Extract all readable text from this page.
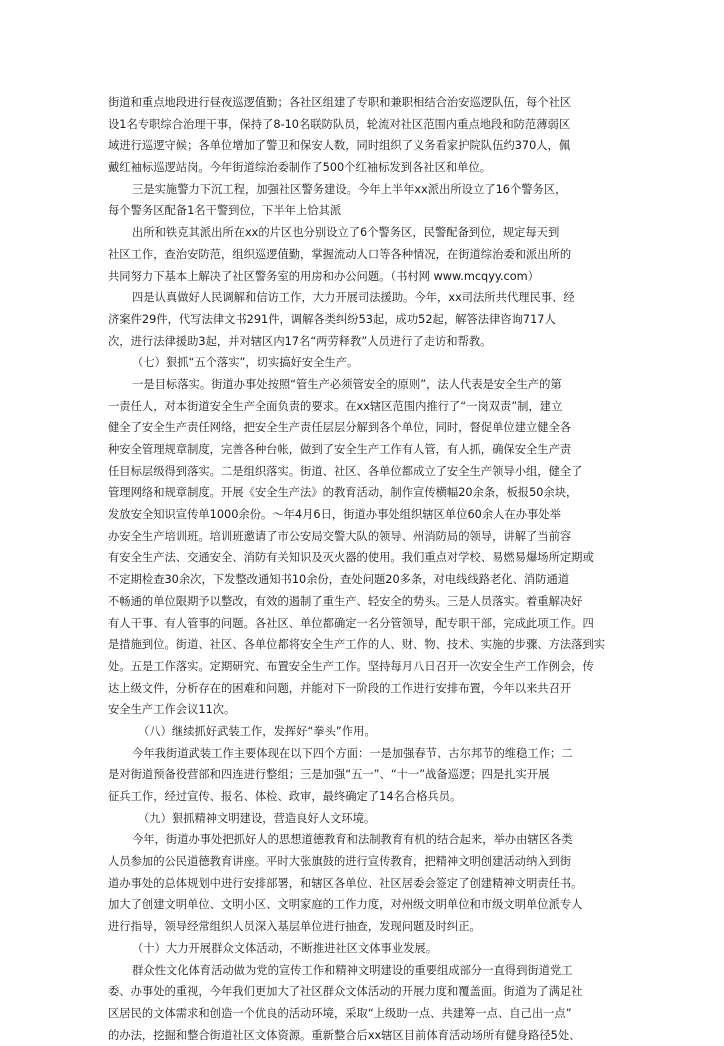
街道和重点地段进行昼夜巡逻值勤；各社区组建了专职和兼职相结合治安巡逻队伍，每个社区
设1名专职综合治理干事，保持了8-10名联防队员，轮流对社区范围内重点地段和防范薄弱区
域进行巡逻守候；各单位增加了警卫和保安人数，同时组织了义务看家护院队伍约370人，佩
戴红袖标巡逻站岗。今年街道综治委制作了500个红袖标发到各社区和单位。
三是实施警力下沉工程，加强社区警务建设。今年上半年xx派出所设立了16个警务区，
每个警务区配备1名干警到位，下半年上恰其派
出所和铁克其派出所在xx的片区也分别设立了6个警务区，民警配备到位，规定每天到
社区工作，查治安防范，组织巡逻值勤，掌握流动人口等各种情况，在街道综治委和派出所的
共同努力下基本上解决了社区警务室的用房和办公问题。（书村网 www.mcqyy.com）
四是认真做好人民调解和信访工作，大力开展司法援助。今年，xx司法所共代理民事、经
济案件29件，代写法律文书291件，调解各类纠纷53起，成功52起，解答法律咨询717人
次，进行法律援助3起，并对辖区内17名“两劳释教”人员进行了走访和帮教。
（七）狠抓“五个落实”，切实搞好安全生产。
一是目标落实。街道办事处按照“管生产必须管安全的原则”，法人代表是安全生产的第
一责任人，对本街道安全生产全面负责的要求。在xx辖区范围内推行了“一岗双责”制，建立
健全了安全生产责任网络，把安全生产责任层层分解到各个单位，同时，督促单位建立健全各
种安全管理规章制度，完善各种台帐，做到了安全生产工作有人管，有人抓，确保安全生产责
任目标层级得到落实。二是组织落实。街道、社区、各单位都成立了安全生产领导小组，健全了
管理网络和规章制度。开展《安全生产法》的教育活动，制作宣传横幅20余条，板报50余块，
发放安全知识宣传单1000余份。～年4月6日，街道办事处组织辖区单位60余人在办事处举
办安全生产培训班。培训班邀请了市公安局交警大队的领导、州消防局的领导，讲解了当前容
有安全生产法、交通安全、消防有关知识及灭火器的使用。我们重点对学校、易燃易爆场所定期或
不定期检查30余次，下发整改通知书10余份，查处问题20多条，对电线线路老化、消防通道
不畅通的单位限期予以整改，有效的遏制了重生产、轻安全的势头。三是人员落实。着重解决好
有人干事、有人管事的问题。各社区、单位都确定一名分管领导，配专职干部，完成此项工作。四
是措施到位。街道、社区、各单位都将安全生产工作的人、财、物、技术、实施的步骤、方法落到实
处。五是工作落实。定期研究、布置安全生产工作。坚持每月八日召开一次安全生产工作例会，传
达上级文件，分析存在的困难和问题，并能对下一阶段的工作进行安排布置，今年以来共召开
安全生产工作会议11次。
（八）继续抓好武装工作，发挥好“拳头”作用。
今年我街道武装工作主要体现在以下四个方面：一是加强春节、古尔邦节的维稳工作；二
是对街道预备役营部和四连进行整组；三是加强“五一”、“十一”战备巡逻；四是扎实开展
征兵工作，经过宣传、报名、体检、政审，最终确定了14名合格兵员。
（九）狠抓精神文明建设，营造良好人文环境。
今年，街道办事处把抓好人的思想道德教育和法制教育有机的结合起来，举办由辖区各类
人员参加的公民道德教育讲座。平时大张旗鼓的进行宣传教育，把精神文明创建活动纳入到街
道办事处的总体规划中进行安排部署，和辖区各单位、社区居委会签定了创建精神文明责任书。
加大了创建文明单位、文明小区、文明家庭的工作力度，对州级文明单位和市级文明单位派专人
进行指导，领导经常组织人员深入基层单位进行抽查，发现问题及时纠正。
（十）大力开展群众文体活动，不断推进社区文体事业发展。
群众性文化体育活动做为党的宣传工作和精神文明建设的重要组成部分一直得到街道党工
委、办事处的重视，今年我们更加大了社区群众文体活动的开展力度和覆盖面。街道为了满足社
区居民的文体需求和创造一个优良的活动环境，采取“上级助一点、共建筹一点、自己出一点”
的办法，挖掘和整合街道社区文体资源。重新整合后xx辖区目前体育活动场所有健身路径5处、
